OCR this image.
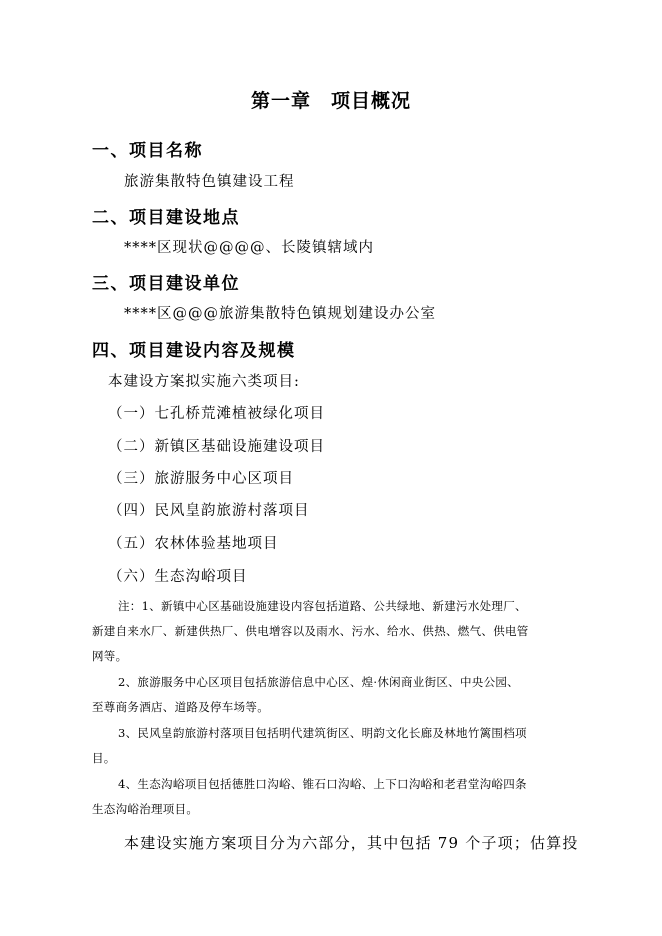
第一章　项目概况
一、项目名称
旅游集散特色镇建设工程
二、项目建设地点
****区现状@@@@、长陵镇辖域内
三、项目建设单位
****区@@@旅游集散特色镇规划建设办公室
四、项目建设内容及规模
本建设方案拟实施六类项目:
（一）七孔桥荒滩植被绿化项目
（二）新镇区基础设施建设项目
（三）旅游服务中心区项目
（四）民风皇韵旅游村落项目
（五）农林体验基地项目
（六）生态沟峪项目
注：1、新镇中心区基础设施建设内容包括道路、公共绿地、新建污水处理厂、
新建自来水厂、新建供热厂、供电增容以及雨水、污水、给水、供热、燃气、供电管
网等。
2、旅游服务中心区项目包括旅游信息中心区、煌·休闲商业街区、中央公园、
至尊商务酒店、道路及停车场等。
3、民风皇韵旅游村落项目包括明代建筑街区、明韵文化长廊及林地竹篱围档项
目。
4、生态沟峪项目包括德胜口沟峪、锥石口沟峪、上下口沟峪和老君堂沟峪四条
生态沟峪治理项目。
本建设实施方案项目分为六部分，其中包括 79 个子项；估算投
